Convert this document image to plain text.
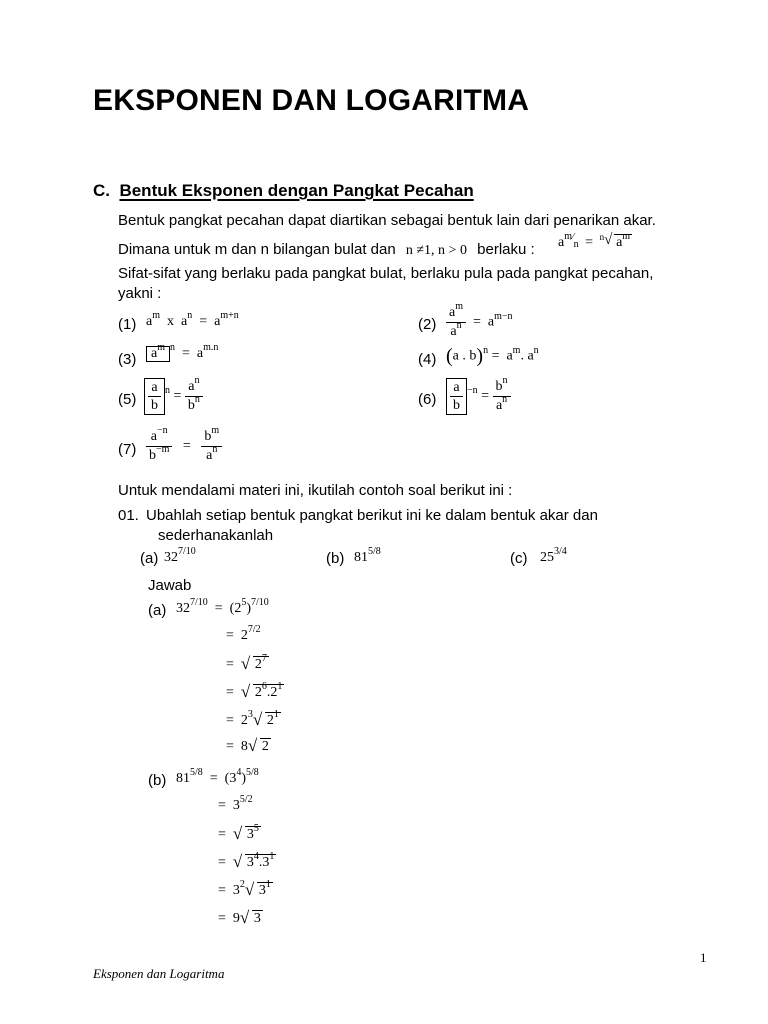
EKSPONEN DAN LOGARITMA
C. Bentuk Eksponen dengan Pangkat Pecahan
Bentuk pangkat pecahan dapat diartikan sebagai bentuk lain dari penarikan akar.
Dimana untuk m dan n bilangan bulat dan n ≠1, n > 0 berlaku : $a^{m⁄}n = ^n$ √ $a^m$
Sifat-sifat yang berlaku pada pangkat bulat, berlaku pula pada pangkat pecahan,
yakni :
(1) $a^m$  x  $a^n = a^{m+n}$
$(2) \frac{a^m}{a^n} = a^{m-n}$
(3)	$a^m$ $^n = a^{m.n}$
(4) (a . $b)^n = a^m$. $a^n$
$(5) \frac{a}{b} ^n = \frac{a^n}{b^n}$	$(6) \frac{a}{b} ^{-n} = \frac{b^n}{a^n}$
$(7) \frac{a^{-n}}{b^{-m}} = \frac{b^m}{a^n}$
Untuk mendalami materi ini, ikutilah contoh soal berikut ini :
01. Ubahlah setiap bentuk pangkat berikut ini ke dalam bentuk akar dan
sederhanakanlah
(a) $32^{7/10}$	(b) $81^{5/8}$	(c) $25^{3/4}$
Jawab
(a) $32^{7/10} = (2^5)^{7/10}$
=  $2^{7/2}$
= √ $2^7$
= √ $2^6.2^1$
=  $2^3$ √ $2^1$
=  8 √ 2
(b) $81^{5/8} = (3^4)^{5/8}$
=  $3^{5/2}$
= √ $3^5$
= √ $3^4.3^1$
=  $3^2$ √ $3^1$
=  9 √ 3
1
Eksponen dan Logaritma
